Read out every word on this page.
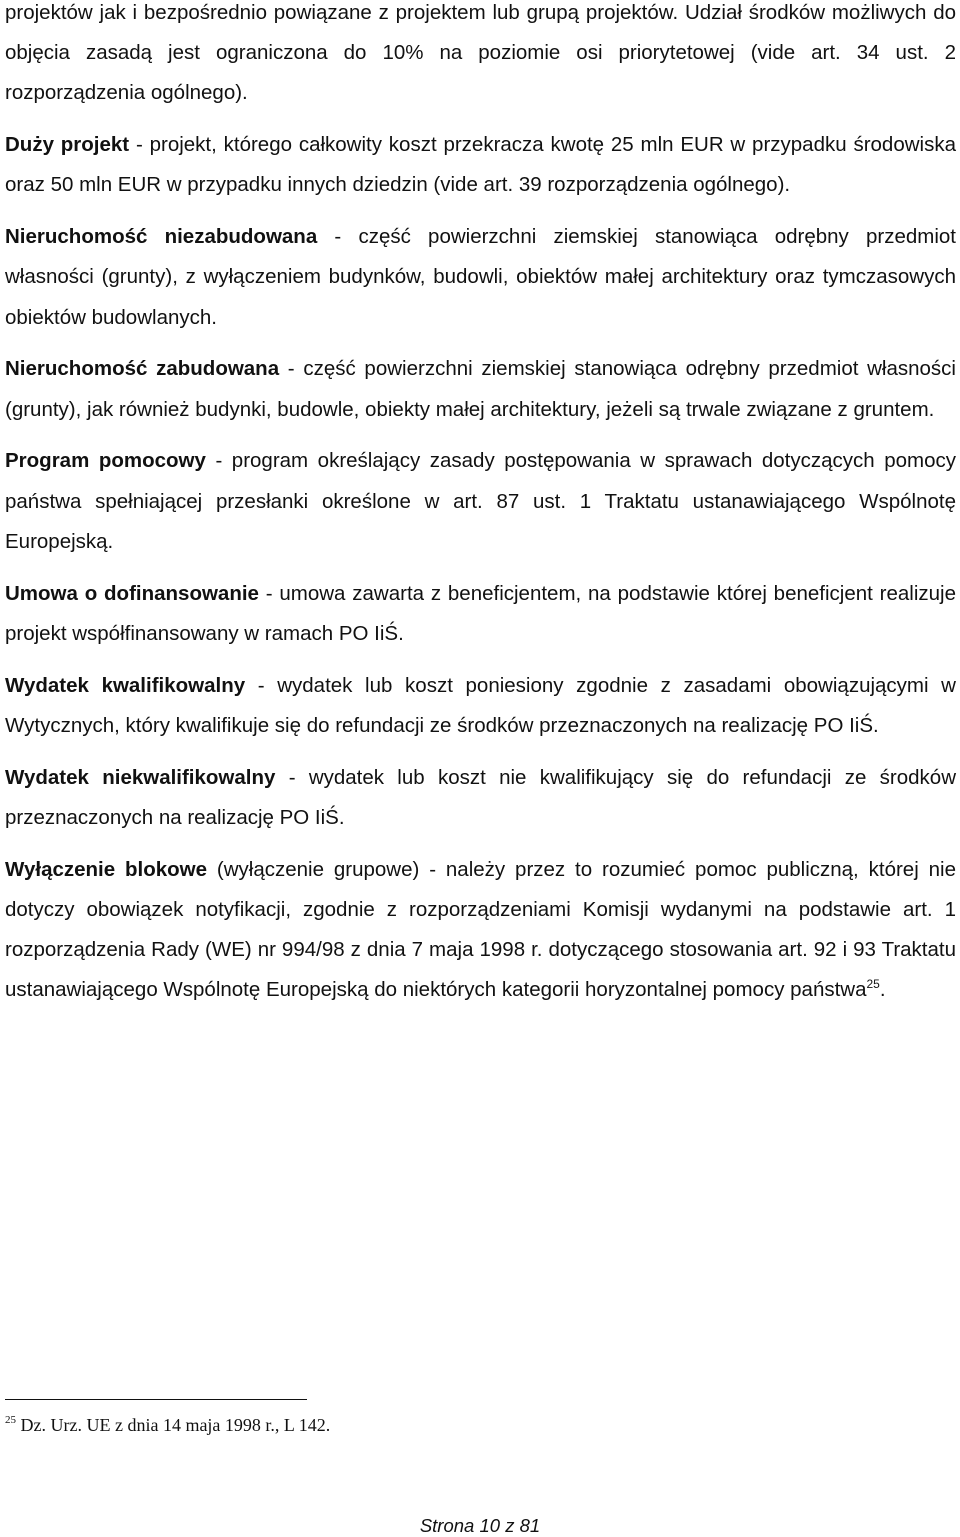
projektów jak i bezpośrednio powiązane z projektem lub grupą projektów. Udział środków możliwych do objęcia zasadą jest ograniczona do 10% na poziomie osi priorytetowej (vide art. 34 ust. 2 rozporządzenia ogólnego).

Duży projekt - projekt, którego całkowity koszt przekracza kwotę 25 mln EUR w przypadku środowiska oraz 50 mln EUR w przypadku innych dziedzin (vide art. 39 rozporządzenia ogólnego).

Nieruchomość niezabudowana - część powierzchni ziemskiej stanowiąca odrębny przedmiot własności (grunty), z wyłączeniem budynków, budowli, obiektów małej architektury oraz tymczasowych obiektów budowlanych.

Nieruchomość zabudowana - część powierzchni ziemskiej stanowiąca odrębny przedmiot własności (grunty), jak również budynki, budowle, obiekty małej architektury, jeżeli są trwale związane z gruntem.

Program pomocowy - program określający zasady postępowania w sprawach dotyczących pomocy państwa spełniającej przesłanki określone w art. 87 ust. 1 Traktatu ustanawiającego Wspólnotę Europejską.

Umowa o dofinansowanie - umowa zawarta z beneficjentem, na podstawie której beneficjent realizuje projekt współfinansowany w ramach PO IiŚ.

Wydatek kwalifikowalny - wydatek lub koszt poniesiony zgodnie z zasadami obowiązującymi w Wytycznych, który kwalifikuje się do refundacji ze środków przeznaczonych na realizację PO IiŚ.

Wydatek niekwalifikowalny - wydatek lub koszt nie kwalifikujący się do refundacji ze środków przeznaczonych na realizację PO IiŚ.

Wyłączenie blokowe (wyłączenie grupowe) - należy przez to rozumieć pomoc publiczną, której nie dotyczy obowiązek notyfikacji, zgodnie z rozporządzeniami Komisji wydanymi na podstawie art. 1 rozporządzenia Rady (WE) nr 994/98 z dnia 7 maja 1998 r. dotyczącego stosowania art. 92 i 93 Traktatu ustanawiającego Wspólnotę Europejską do niektórych kategorii horyzontalnej pomocy państwa$^{25}$.

$^{25}$ Dz. Urz. UE z dnia 14 maja 1998 r., L 142.
Strona 10 z 81
